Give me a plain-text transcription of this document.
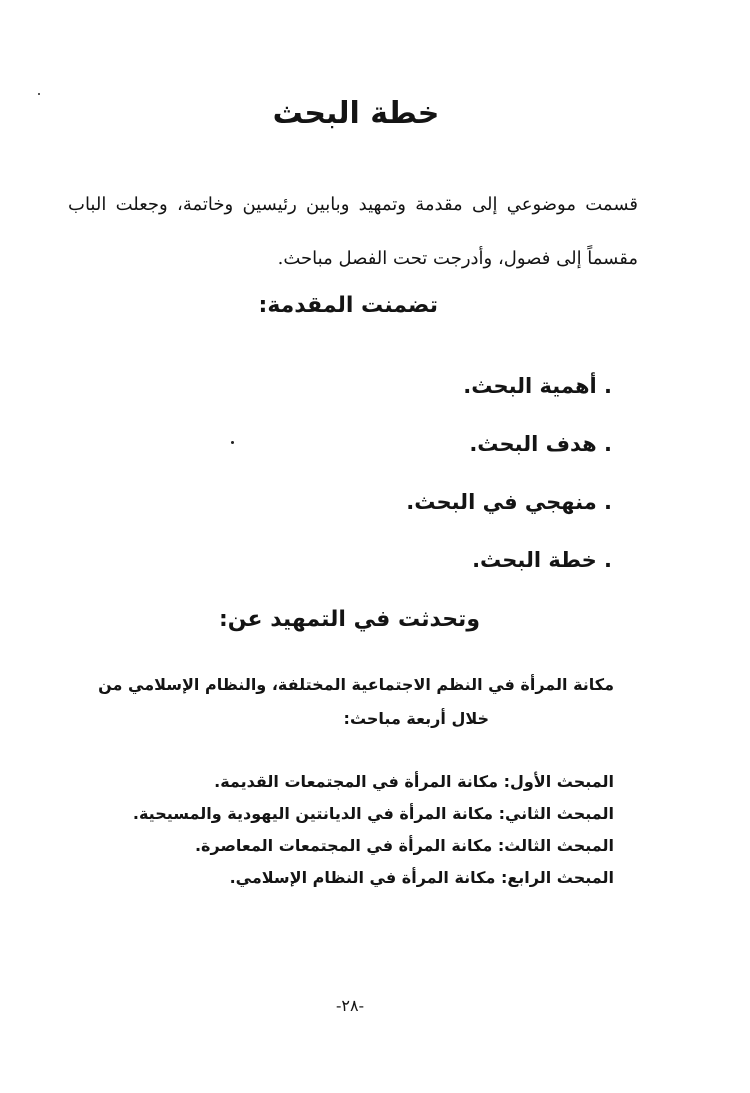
خطة البحث
قسمت موضوعي إلى مقدمة وتمهيد وبابين رئيسين وخاتمة، وجعلت الباب مقسماً إلى فصول، وأدرجت تحت الفصل مباحث.
تضمنت المقدمة:
. أهمية البحث.
. هدف البحث.
. منهجي في البحث.
. خطة البحث.
وتحدثت في التمهيد عن:
مكانة المرأة في النظم الاجتماعية المختلفة، والنظام الإسلامي من
خلال أربعة مباحث:
المبحث الأول: مكانة المرأة في المجتمعات القديمة.
المبحث الثاني: مكانة المرأة في الديانتين اليهودية والمسيحية.
المبحث الثالث: مكانة المرأة في المجتمعات المعاصرة.
المبحث الرابع: مكانة المرأة في النظام الإسلامي.
-٢٨-
